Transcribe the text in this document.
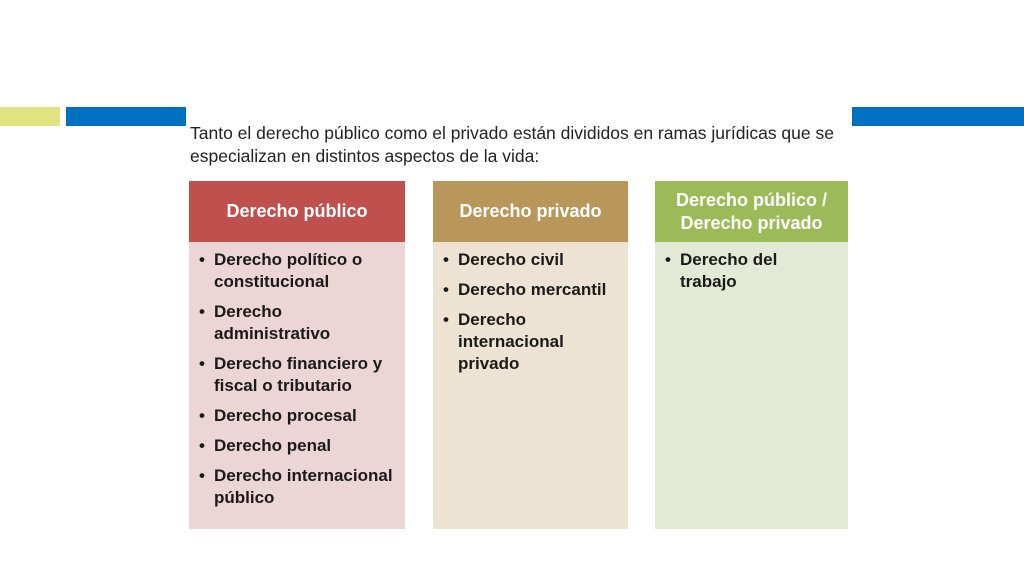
Tanto el derecho público como el privado están divididos en ramas jurídicas que se especializan en distintos aspectos de la vida:
Derecho público
• Derecho político o constitucional
• Derecho administrativo
• Derecho financiero y fiscal o tributario
• Derecho procesal
• Derecho penal
• Derecho internacional público
Derecho privado
• Derecho civil
• Derecho mercantil
• Derecho internacional privado
Derecho público / Derecho privado
• Derecho del trabajo
